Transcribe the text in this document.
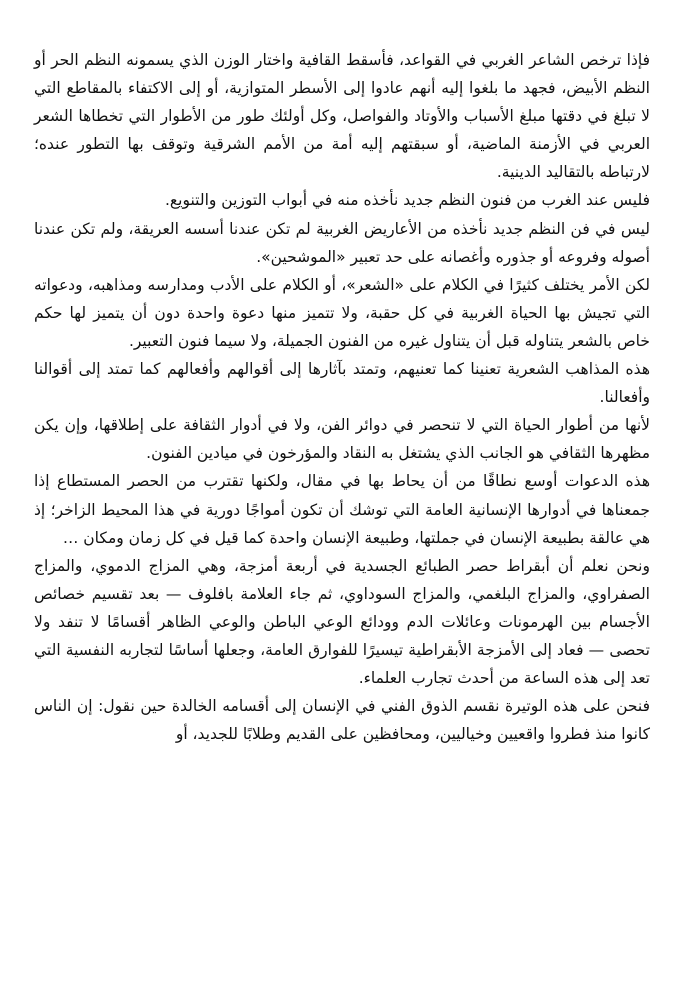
فإذا ترخص الشاعر الغربي في القواعد، فأسقط القافية واختار الوزن الذي يسمونه النظم الحر أو النظم الأبيض، فجهد ما بلغوا إليه أنهم عادوا إلى الأسطر المتوازية، أو إلى الاكتفاء بالمقاطع التي لا تبلغ في دقتها مبلغ الأسباب والأوتاد والفواصل، وكل أولئك طور من الأطوار التي تخطاها الشعر العربي في الأزمنة الماضية، أو سبقتهم إليه أمة من الأمم الشرقية وتوقف بها التطور عنده؛ لارتباطه بالتقاليد الدينية.

فليس عند الغرب من فنون النظم جديد نأخذه منه في أبواب التوزين والتنويع.

ليس في فن النظم جديد نأخذه من الأعاريض الغربية لم تكن عندنا أسسه العريقة، ولم تكن عندنا أصوله وفروعه أو جذوره وأغصانه على حد تعبير «الموشحين».

لكن الأمر يختلف كثيرًا في الكلام على «الشعر»، أو الكلام على الأدب ومدارسه ومذاهبه، ودعواته التي تجيش بها الحياة الغربية في كل حقبة، ولا تتميز منها دعوة واحدة دون أن يتميز لها حكم خاص بالشعر يتناوله قبل أن يتناول غيره من الفنون الجميلة، ولا سيما فنون التعبير.

هذه المذاهب الشعرية تعنينا كما تعنيهم، وتمتد بآثارها إلى أقوالهم وأفعالهم كما تمتد إلى أقوالنا وأفعالنا.

لأنها من أطوار الحياة التي لا تنحصر في دوائر الفن، ولا في أدوار الثقافة على إطلاقها، وإن يكن مظهرها الثقافي هو الجانب الذي يشتغل به النقاد والمؤرخون في ميادين الفنون.

هذه الدعوات أوسع نطاقًا من أن يحاط بها في مقال، ولكنها تقترب من الحصر المستطاع إذا جمعناها في أدوارها الإنسانية العامة التي توشك أن تكون أمواجًا دورية في هذا المحيط الزاخر؛ إذ هي عالقة بطبيعة الإنسان في جملتها، وطبيعة الإنسان واحدة كما قيل في كل زمان ومكان …

ونحن نعلم أن أبقراط حصر الطبائع الجسدية في أربعة أمزجة، وهي المزاج الدموي، والمزاج الصفراوي، والمزاج البلغمي، والمزاج السوداوي، ثم جاء العلامة بافلوف — بعد تقسيم خصائص الأجسام بين الهرمونات وعائلات الدم وودائع الوعي الباطن والوعي الظاهر أقسامًا لا تنفد ولا تحصى — فعاد إلى الأمزجة الأبقراطية تيسيرًا للفوارق العامة، وجعلها أساسًا لتجاربه النفسية التي تعد إلى هذه الساعة من أحدث تجارب العلماء.

فنحن على هذه الوتيرة نقسم الذوق الفني في الإنسان إلى أقسامه الخالدة حين نقول: إن الناس كانوا منذ فطروا واقعيين وخياليين، ومحافظين على القديم وطلابًا للجديد، أو
